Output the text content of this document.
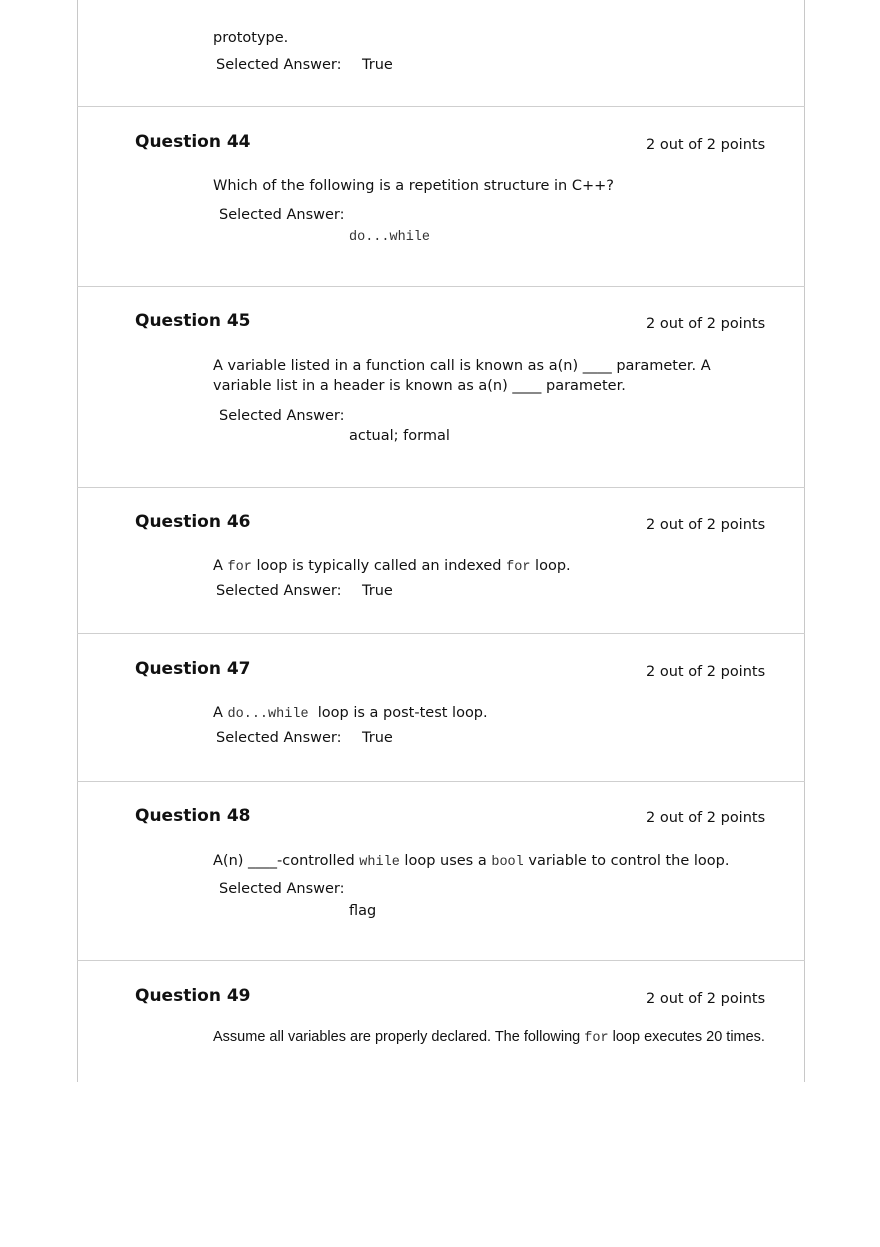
prototype.
Selected Answer: True
Question 44	2 out of 2 points
Which of the following is a repetition structure in C++?
Selected Answer:
do...while
Question 45	2 out of 2 points
A variable listed in a function call is known as a(n) ____ parameter. A variable list in a header is known as a(n) ____ parameter.
Selected Answer:
actual; formal
Question 46	2 out of 2 points
A for loop is typically called an indexed for loop.
Selected Answer: True
Question 47	2 out of 2 points
A do...while  loop is a post-test loop.
Selected Answer: True
Question 48	2 out of 2 points
A(n) ____-controlled while loop uses a bool variable to control the loop.
Selected Answer:
flag
Question 49	2 out of 2 points
Assume all variables are properly declared. The following for loop executes 20 times.
